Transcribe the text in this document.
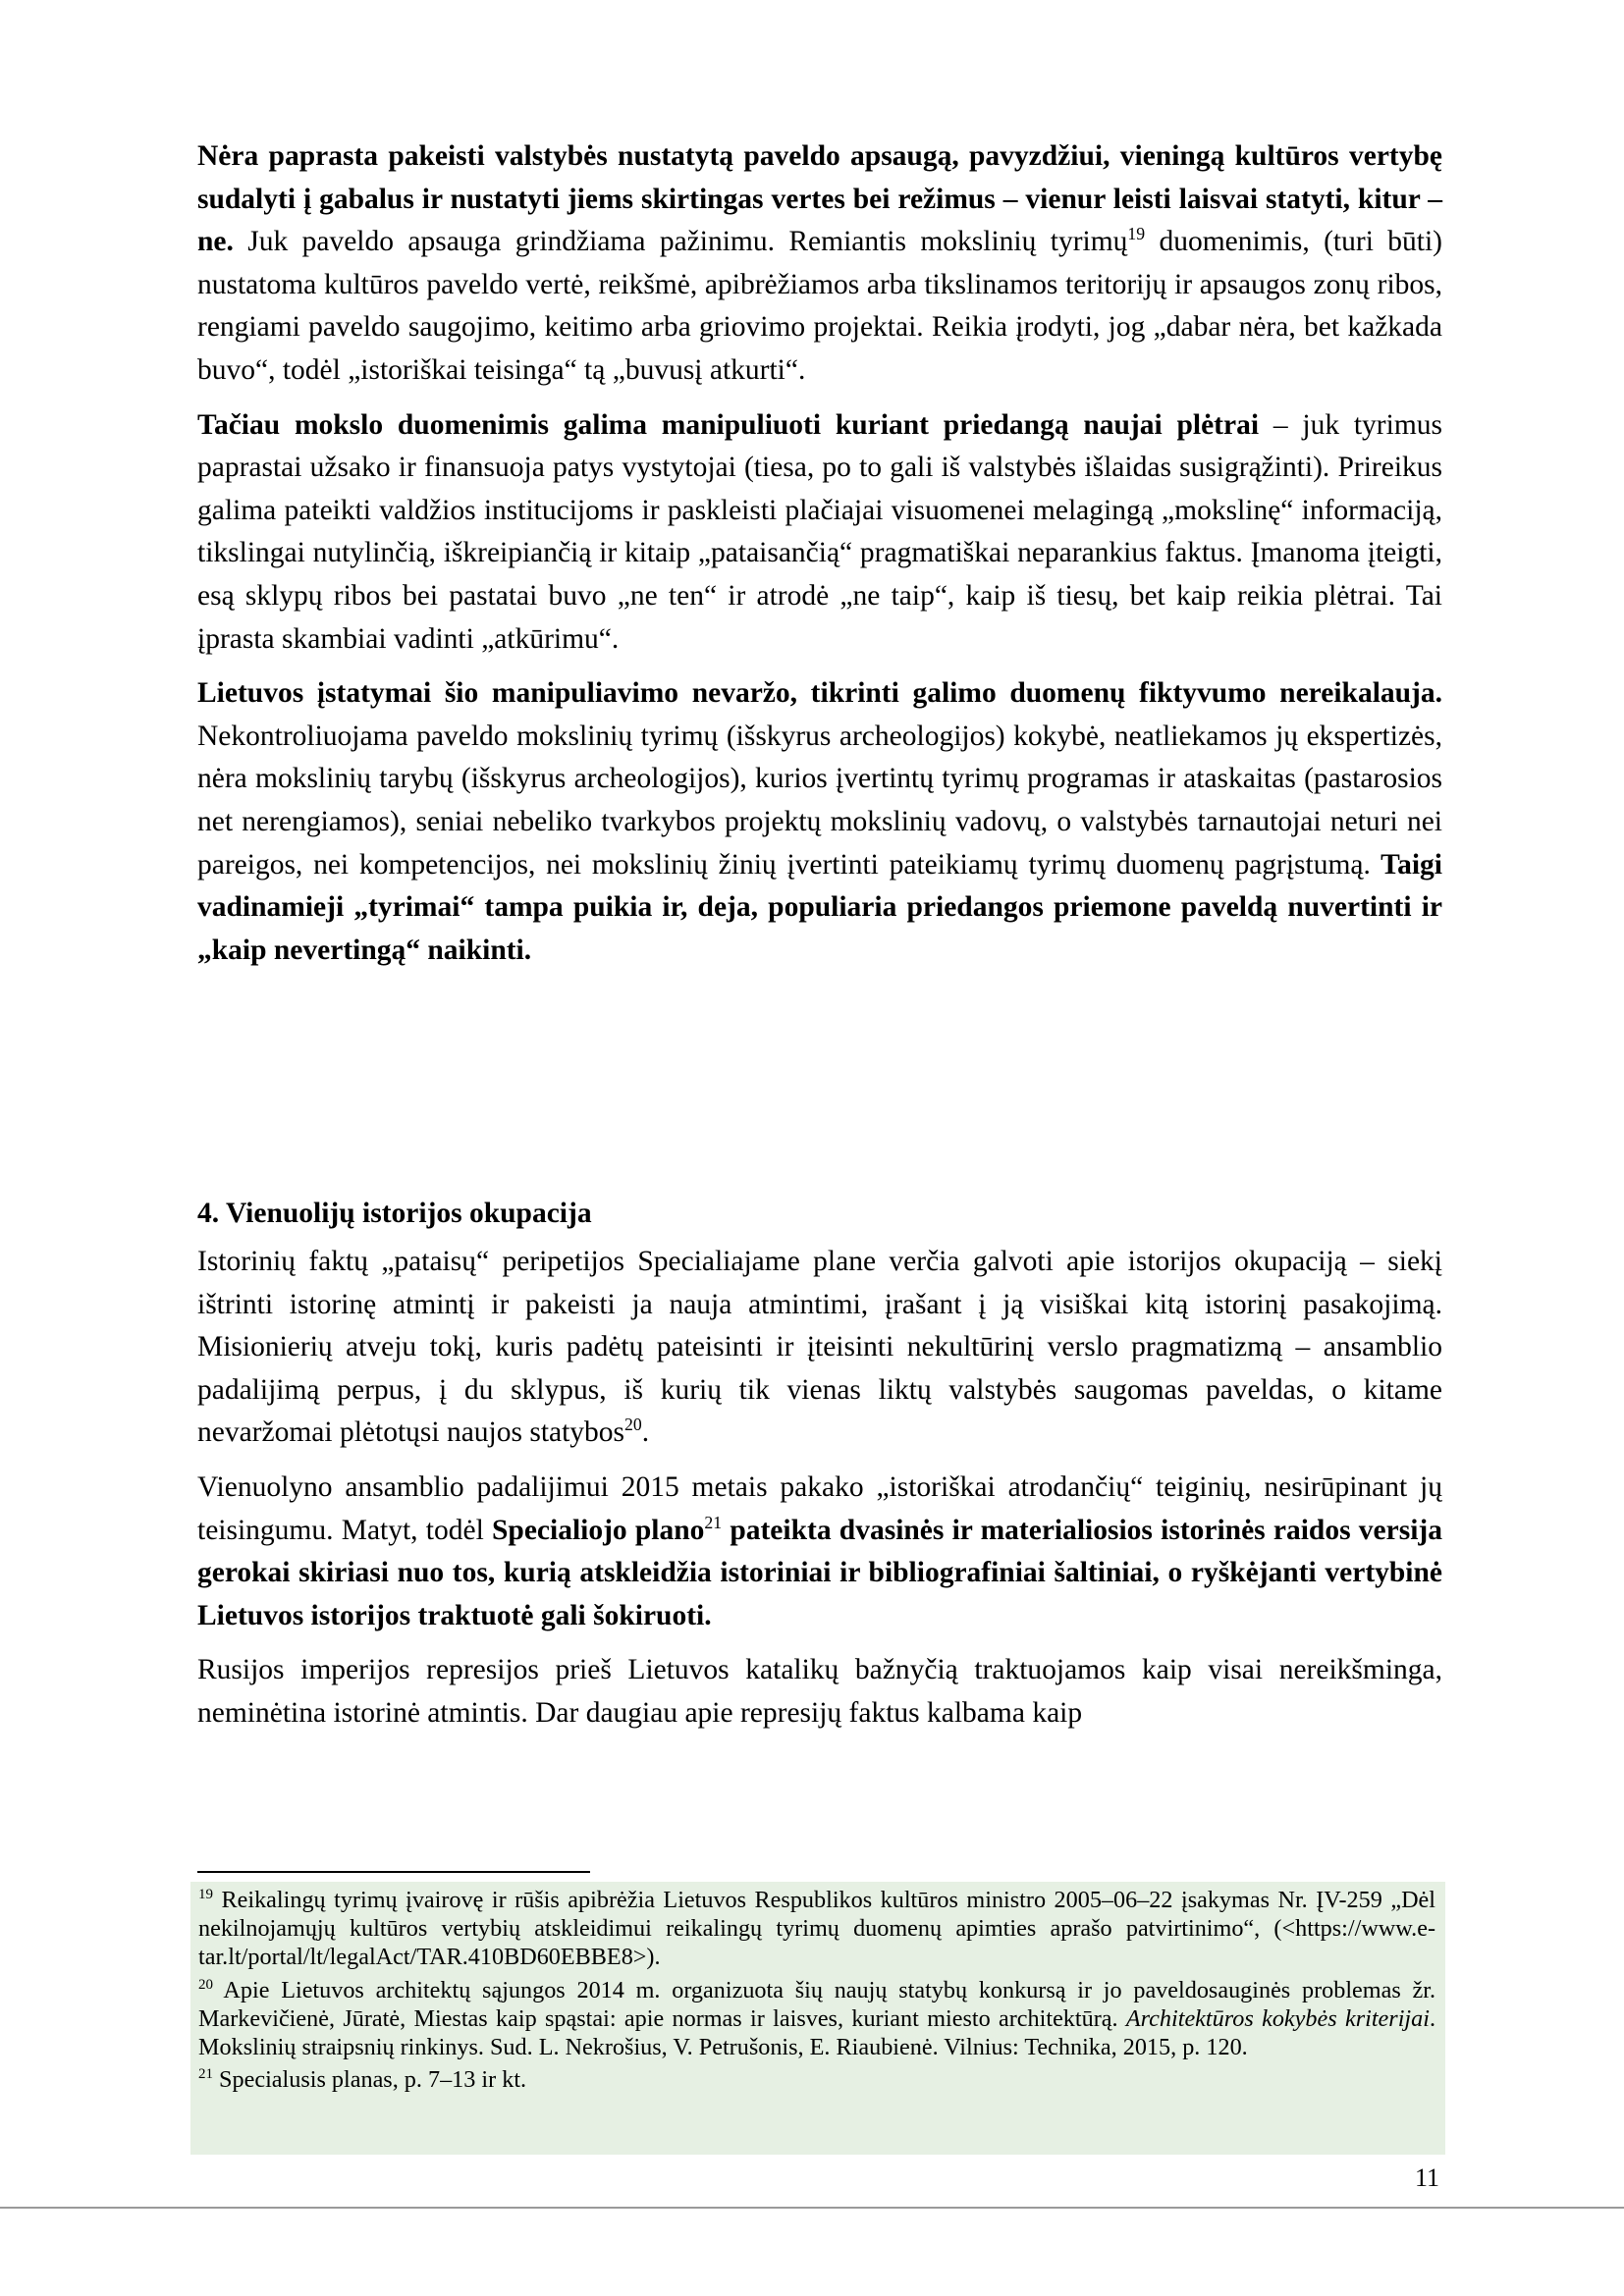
Nėra paprasta pakeisti valstybės nustatytą paveldo apsaugą, pavyzdžiui, vieningą kultūros vertybę sudalyti į gabalus ir nustatyti jiems skirtingas vertes bei režimus – vienur leisti laisvai statyti, kitur – ne. Juk paveldo apsauga grindžiama pažinimu. Remiantis mokslinių tyrimų$^{19}$ duomenimis, (turi būti) nustatoma kultūros paveldo vertė, reikšmė, apibrėžiamos arba tikslinamos teritorijų ir apsaugos zonų ribos, rengiami paveldo saugojimo, keitimo arba griovimo projektai. Reikia įrodyti, jog „dabar nėra, bet kažkada buvo“, todėl „istoriškai teisinga“ tą „buvusį atkurti“.

Tačiau mokslo duomenimis galima manipuliuoti kuriant priedangą naujai plėtrai – juk tyrimus paprastai užsako ir finansuoja patys vystytojai (tiesa, po to gali iš valstybės išlaidas susigrąžinti). Prireikus galima pateikti valdžios institucijoms ir paskleisti plačiajai visuomenei melagingą „mokslinę“ informaciją, tikslingai nutylinčią, iškreipiančią ir kitaip „pataisančią“ pragmatiškai neparankius faktus. Įmanoma įteigti, esą sklypų ribos bei pastatai buvo „ne ten“ ir atrodė „ne taip“, kaip iš tiesų, bet kaip reikia plėtrai. Tai įprasta skambiai vadinti „atkūrimu“.

Lietuvos įstatymai šio manipuliavimo nevaržo, tikrinti galimo duomenų fiktyvumo nereikalauja. Nekontroliuojama paveldo mokslinių tyrimų (išskyrus archeologijos) kokybė, neatliekamos jų ekspertizės, nėra mokslinių tarybų (išskyrus archeologijos), kurios įvertintų tyrimų programas ir ataskaitas (pastarosios net nerengiamos), seniai nebeliko tvarkybos projektų mokslinių vadovų, o valstybės tarnautojai neturi nei pareigos, nei kompetencijos, nei mokslinių žinių įvertinti pateikiamų tyrimų duomenų pagrįstumą. Taigi vadinamieji „tyrimai“ tampa puikia ir, deja, populiaria priedangos priemone paveldą nuvertinti ir „kaip nevertingą“ naikinti.

4. Vienuolijų istorijos okupacija

Istorinių faktų „pataisų“ peripetijos Specialiajame plane verčia galvoti apie istorijos okupaciją – siekį ištrinti istorinę atmintį ir pakeisti ja nauja atmintimi, įrašant į ją visiškai kitą istorinį pasakojimą. Misionierių atveju tokį, kuris padėtų pateisinti ir įteisinti nekultūrinį verslo pragmatizmą – ansamblio padalijimą perpus, į du sklypus, iš kurių tik vienas liktų valstybės saugomas paveldas, o kitame nevaržomai plėtotųsi naujos statybos$^{20}$.

Vienuolyno ansamblio padalijimui 2015 metais pakako „istoriškai atrodančių“ teiginių, nesirūpinant jų teisingumu. Matyt, todėl Specialiojo plano$^{21}$ pateikta dvasinės ir materialiosios istorinės raidos versija gerokai skiriasi nuo tos, kurią atskleidžia istoriniai ir bibliografiniai šaltiniai, o ryškėjanti vertybinė Lietuvos istorijos traktuotė gali šokiruoti.

Rusijos imperijos represijos prieš Lietuvos katalikų bažnyčią traktuojamos kaip visai nereikšminga, neminėtina istorinė atmintis. Dar daugiau apie represijų faktus kalbama kaip

$^{19}$ Reikalingų tyrimų įvairovę ir rūšis apibrėžia Lietuvos Respublikos kultūros ministro 2005–06–22 įsakymas Nr. ĮV-259 „Dėl nekilnojamųjų kultūros vertybių atskleidimui reikalingų tyrimų duomenų apimties aprašo patvirtinimo“, (<https://www.e-tar.lt/portal/lt/legalAct/TAR.410BD60EBBE8>).
$^{20}$ Apie Lietuvos architektų sąjungos 2014 m. organizuota šių naujų statybų konkursą ir jo paveldosauginės problemas žr. Markevičienė, Jūratė, Miestas kaip spąstai: apie normas ir laisves, kuriant miesto architektūrą. Architektūros kokybės kriterijai. Mokslinių straipsnių rinkinys. Sud. L. Nekrošius, V. Petrušonis, E. Riaubienė. Vilnius: Technika, 2015, p. 120.
$^{21}$ Specialusis planas, p. 7–13 ir kt.
11
